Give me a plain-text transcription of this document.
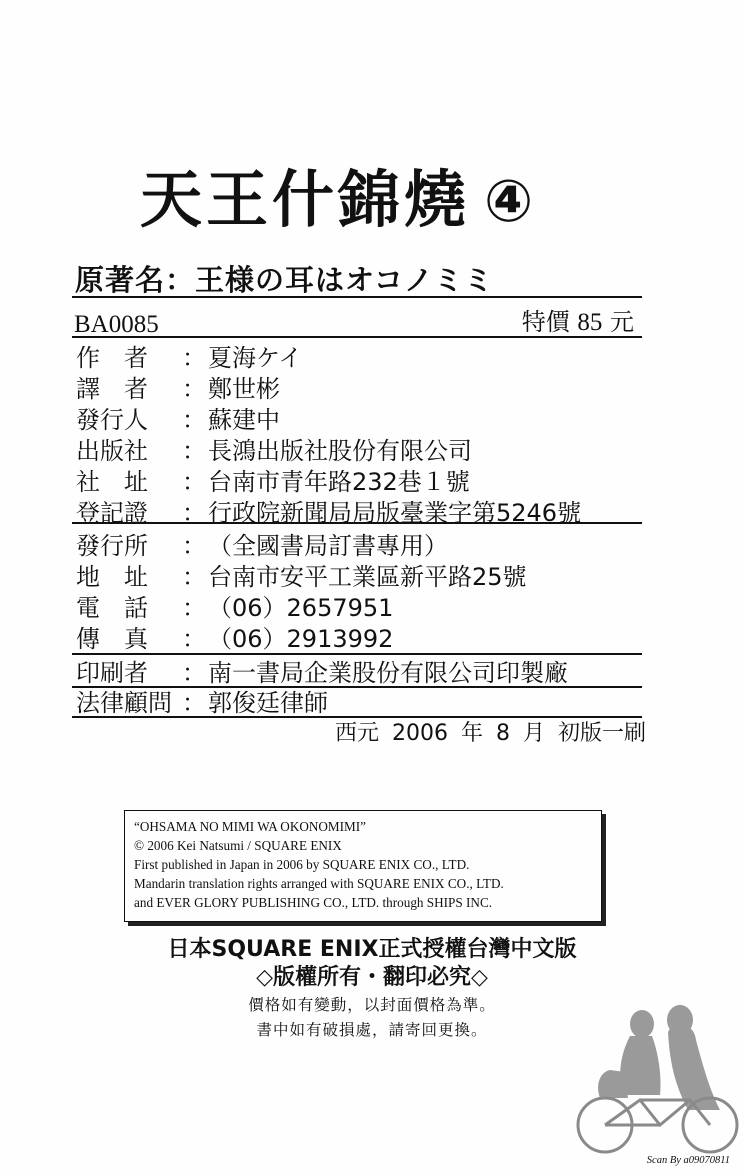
天王什錦燒 ④
原著名：王様の耳はオコノミミ
BA0085	特價 85 元
作　者	： 夏海ケイ
譯　者	： 鄭世彬
發行人	： 蘇建中
出版社	： 長鴻出版社股份有限公司
社　址	： 台南市青年路232巷１號
登記證	： 行政院新聞局局版臺業字第5246號
發行所	： （全國書局訂書專用）
地　址	： 台南市安平工業區新平路25號
電　話	： （06）2657951
傳　真	： （06）2913992
印刷者	： 南一書局企業股份有限公司印製廠
法律顧問 ： 郭俊廷律師
西元 2006 年 8 月 初版一刷
“OHSAMA NO MIMI WA OKONOMIMI”
© 2006 Kei Natsumi / SQUARE ENIX
First published in Japan in 2006 by SQUARE ENIX CO., LTD.
Mandarin translation rights arranged with SQUARE ENIX CO., LTD.
and EVER GLORY PUBLISHING CO., LTD. through SHIPS INC.
日本SQUARE ENIX正式授權台灣中文版
◇版權所有・翻印必究◇
價格如有變動，以封面價格為準。
書中如有破損處，請寄回更換。
Scan By a09070811
